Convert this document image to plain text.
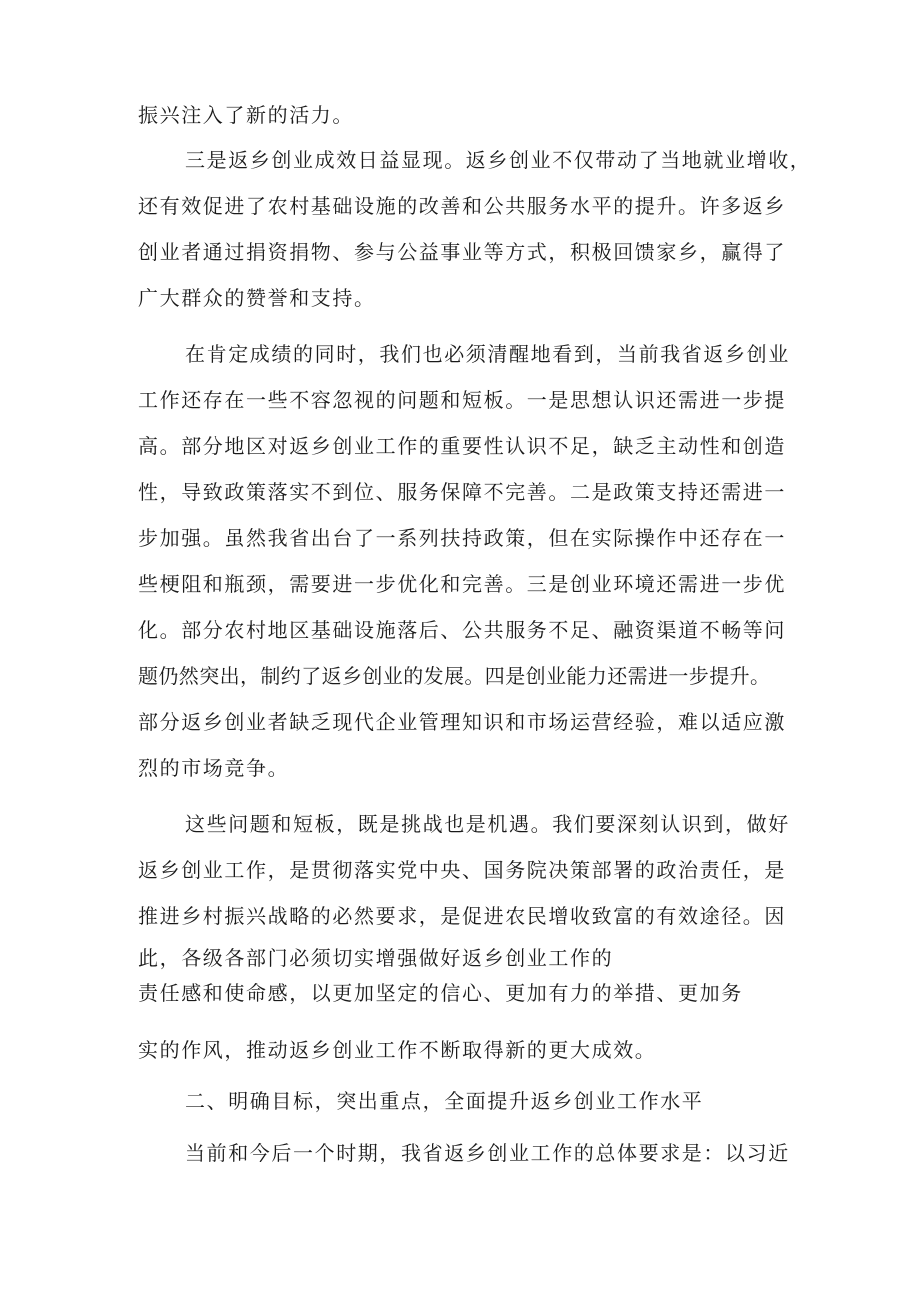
振兴注入了新的活力。
三是返乡创业成效日益显现。返乡创业不仅带动了当地就业增收，
还有效促进了农村基础设施的改善和公共服务水平的提升。许多返乡
创业者通过捐资捐物、参与公益事业等方式，积极回馈家乡，赢得了
广大群众的赞誉和支持。
在肯定成绩的同时，我们也必须清醒地看到，当前我省返乡创业
工作还存在一些不容忽视的问题和短板。一是思想认识还需进一步提
高。部分地区对返乡创业工作的重要性认识不足，缺乏主动性和创造
性，导致政策落实不到位、服务保障不完善。二是政策支持还需进一
步加强。虽然我省出台了一系列扶持政策，但在实际操作中还存在一
些梗阻和瓶颈，需要进一步优化和完善。三是创业环境还需进一步优
化。部分农村地区基础设施落后、公共服务不足、融资渠道不畅等问
题仍然突出，制约了返乡创业的发展。四是创业能力还需进一步提升。
部分返乡创业者缺乏现代企业管理知识和市场运营经验，难以适应激
烈的市场竞争。
这些问题和短板，既是挑战也是机遇。我们要深刻认识到，做好
返乡创业工作，是贯彻落实党中央、国务院决策部署的政治责任，是
推进乡村振兴战略的必然要求，是促进农民增收致富的有效途径。因
此，各级各部门必须切实增强做好返乡创业工作的
责任感和使命感，以更加坚定的信心、更加有力的举措、更加务
实的作风，推动返乡创业工作不断取得新的更大成效。
二、明确目标，突出重点，全面提升返乡创业工作水平
当前和今后一个时期，我省返乡创业工作的总体要求是：以习近
